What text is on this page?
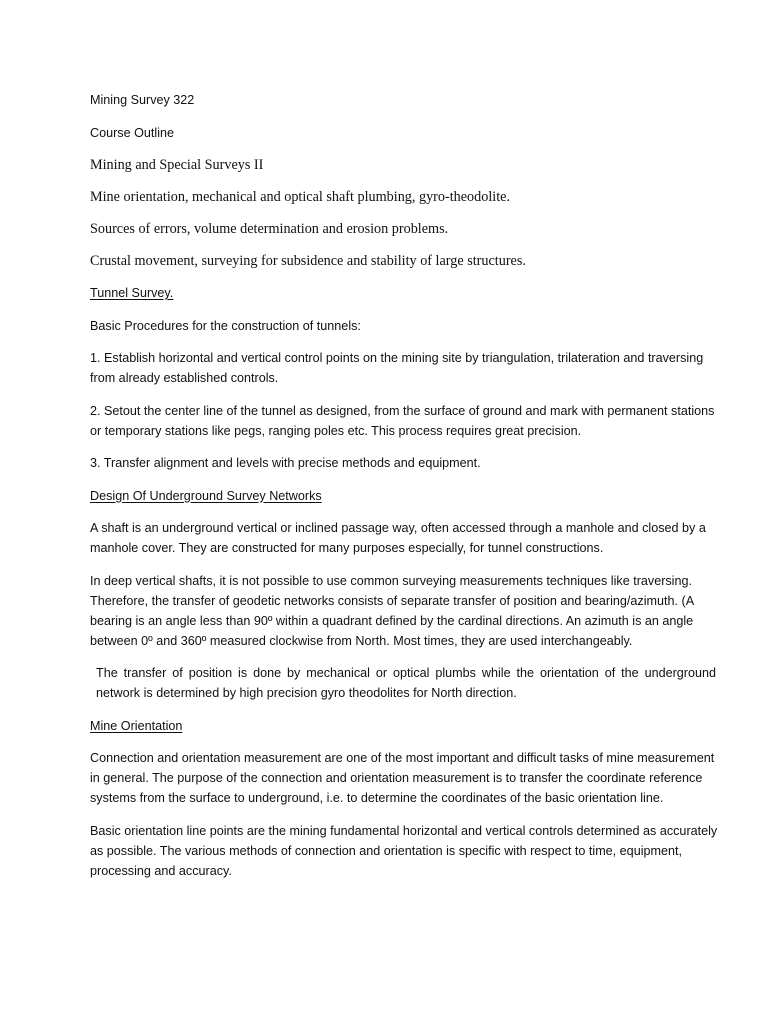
Mining Survey 322

Course Outline

Mining and Special Surveys II

Mine orientation, mechanical and optical shaft plumbing, gyro-theodolite.

Sources of errors, volume determination and erosion problems.

Crustal movement, surveying for subsidence and stability of large structures.

Tunnel Survey.

Basic Procedures for the construction of tunnels:

1. Establish horizontal and vertical control points on the mining site by triangulation, trilateration and traversing from already established controls.

2. Setout the center line of the tunnel as designed, from the surface of ground and mark with permanent stations or temporary stations like pegs, ranging poles etc. This process requires great precision.

3. Transfer alignment and levels with precise methods and equipment.

Design Of Underground Survey Networks

A shaft is an underground vertical or inclined passage way, often accessed through a manhole and closed by a manhole cover. They are constructed for many purposes especially, for tunnel constructions.

In deep vertical shafts, it is not possible to use common surveying measurements techniques like traversing. Therefore, the transfer of geodetic networks consists of separate transfer of position and bearing/azimuth. (A bearing is an angle less than 90º within a quadrant defined by the cardinal directions. An azimuth is an angle between 0º and 360º measured clockwise from North. Most times, they are used interchangeably.

The transfer of position is done by mechanical or optical plumbs while the orientation of the underground network is determined by high precision gyro theodolites for North direction.

Mine Orientation

Connection and orientation measurement are one of the most important and difficult tasks of mine measurement in general. The purpose of the connection and orientation measurement is to transfer the coordinate reference systems from the surface to underground, i.e. to determine the coordinates of the basic orientation line.

Basic orientation line points are the mining fundamental horizontal and vertical controls determined as accurately as possible. The various methods of connection and orientation is specific with respect to time, equipment, processing and accuracy.
